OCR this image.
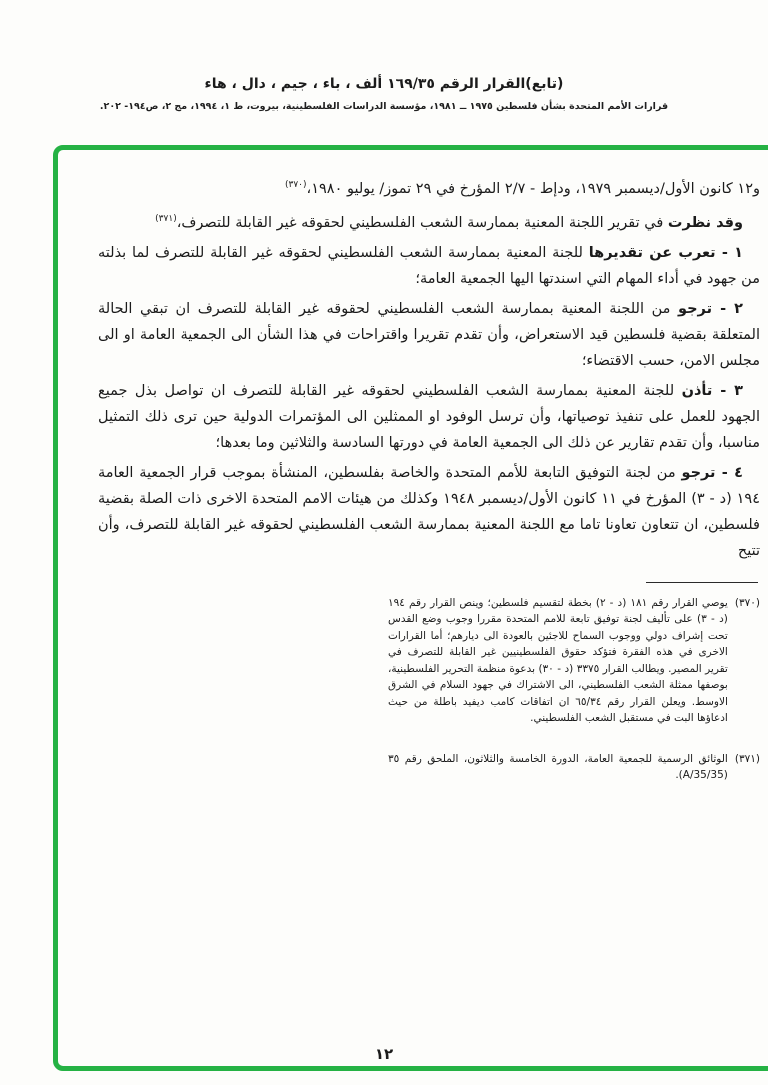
(تابع)القرار الرقم ١٦٩/٣٥ ألف ، باء ، جيم ، دال ، هاء
قرارات الأمم المتحدة بشأن فلسطين ١٩٧٥ ــ ١٩٨١، مؤسسة الدراسات الفلسطينية، بيروت، ط ١، ١٩٩٤، مج ٢، ص١٩٤- ٢٠٢.

و١٢ كانون الأول/ديسمبر ١٩٧٩، ودإط - ٢/٧ المؤرخ في ٢٩ تموز/ يوليو ١٩٨٠،$^{(٣٧٠)}$

وقد نظرت في تقرير اللجنة المعنية بممارسة الشعب الفلسطيني لحقوقه غير القابلة للتصرف،$^{(٣٧١)}$

١ - تعرب عن تقديرها للجنة المعنية بممارسة الشعب الفلسطيني لحقوقه غير القابلة للتصرف لما بذلته من جهود في أداء المهام التي اسندتها اليها الجمعية العامة؛

٢ - ترجو من اللجنة المعنية بممارسة الشعب الفلسطيني لحقوقه غير القابلة للتصرف ان تبقي الحالة المتعلقة بقضية فلسطين قيد الاستعراض، وأن تقدم تقريرا واقتراحات في هذا الشأن الى الجمعية العامة او الى مجلس الامن، حسب الاقتضاء؛

٣ - تأذن للجنة المعنية بممارسة الشعب الفلسطيني لحقوقه غير القابلة للتصرف ان تواصل بذل جميع الجهود للعمل على تنفيذ توصياتها، وأن ترسل الوفود او الممثلين الى المؤتمرات الدولية حين ترى ذلك التمثيل مناسبا، وأن تقدم تقارير عن ذلك الى الجمعية العامة في دورتها السادسة والثلاثين وما بعدها؛

٤ - ترجو من لجنة التوفيق التابعة للأمم المتحدة والخاصة بفلسطين، المنشأة بموجب قرار الجمعية العامة ١٩٤ (د - ٣) المؤرخ في ١١ كانون الأول/ديسمبر ١٩٤٨ وكذلك من هيئات الامم المتحدة الاخرى ذات الصلة بقضية فلسطين، ان تتعاون تعاونا تاما مع اللجنة المعنية بممارسة الشعب الفلسطيني لحقوقه غير القابلة للتصرف، وأن تتيح

(٣٧٠)

يوصي القرار رقم ١٨١ (د - ٢) بخطة لتقسيم فلسطين؛ وينص القرار رقم ١٩٤ (د - ٣) على تأليف لجنة توفيق تابعة للامم المتحدة مقررا وجوب وضع القدس تحت إشراف دولي ووجوب السماح للاجئين بالعودة الى ديارهم؛ أما القرارات الاخرى في هذه الفقرة فتؤكد حقوق الفلسطينيين غير القابلة للتصرف في تقرير المصير. ويطالب القرار ٣٣٧٥ (د - ٣٠) بدعوة منظمة التحرير الفلسطينية، بوصفها ممثلة الشعب الفلسطيني، الى الاشتراك في جهود السلام في الشرق الاوسط. ويعلن القرار رقم ٦٥/٣٤ ان اتفاقات كامب ديفيد باطلة من حيث ادعاؤها البت في مستقبل الشعب الفلسطيني.

(٣٧١)

الوثائق الرسمية للجمعية العامة، الدورة الخامسة والثلاثون، الملحق رقم ٣٥ (A/35/35).

١٢
